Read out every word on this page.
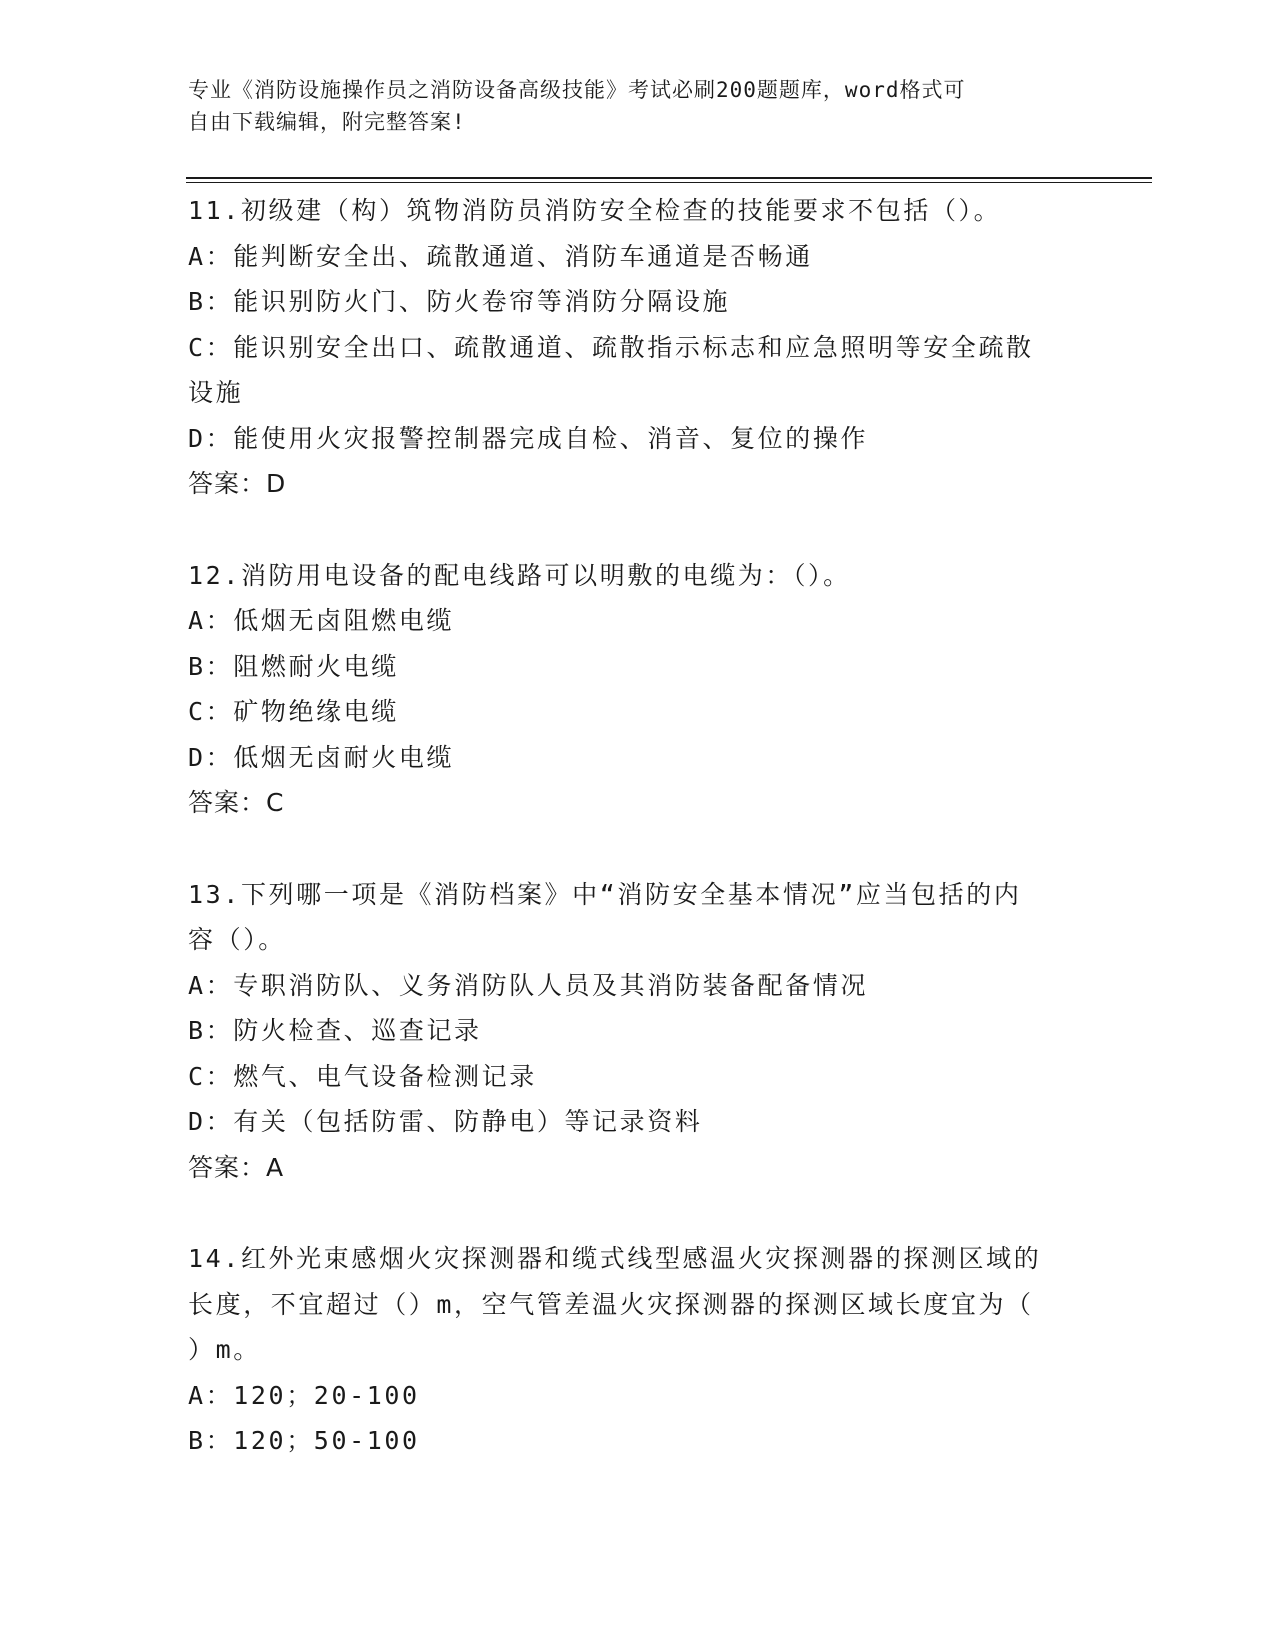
专业《消防设施操作员之消防设备高级技能》考试必刷200题题库，word格式可
自由下载编辑，附完整答案!
11.初级建（构）筑物消防员消防安全检查的技能要求不包括（）。
A：能判断安全出、疏散通道、消防车通道是否畅通
B：能识别防火门、防火卷帘等消防分隔设施
C：能识别安全出口、疏散通道、疏散指示标志和应急照明等安全疏散
设施
D：能使用火灾报警控制器完成自检、消音、复位的操作
答案：D
12.消防用电设备的配电线路可以明敷的电缆为：（）。
A：低烟无卤阻燃电缆
B：阻燃耐火电缆
C：矿物绝缘电缆
D：低烟无卤耐火电缆
答案：C
13.下列哪一项是《消防档案》中“消防安全基本情况”应当包括的内
容（）。
A：专职消防队、义务消防队人员及其消防装备配备情况
B：防火检查、巡查记录
C：燃气、电气设备检测记录
D：有关（包括防雷、防静电）等记录资料
答案：A
14.红外光束感烟火灾探测器和缆式线型感温火灾探测器的探测区域的
长度，不宜超过（）m，空气管差温火灾探测器的探测区域长度宜为（
）m。
A：120；20-100
B：120；50-100
